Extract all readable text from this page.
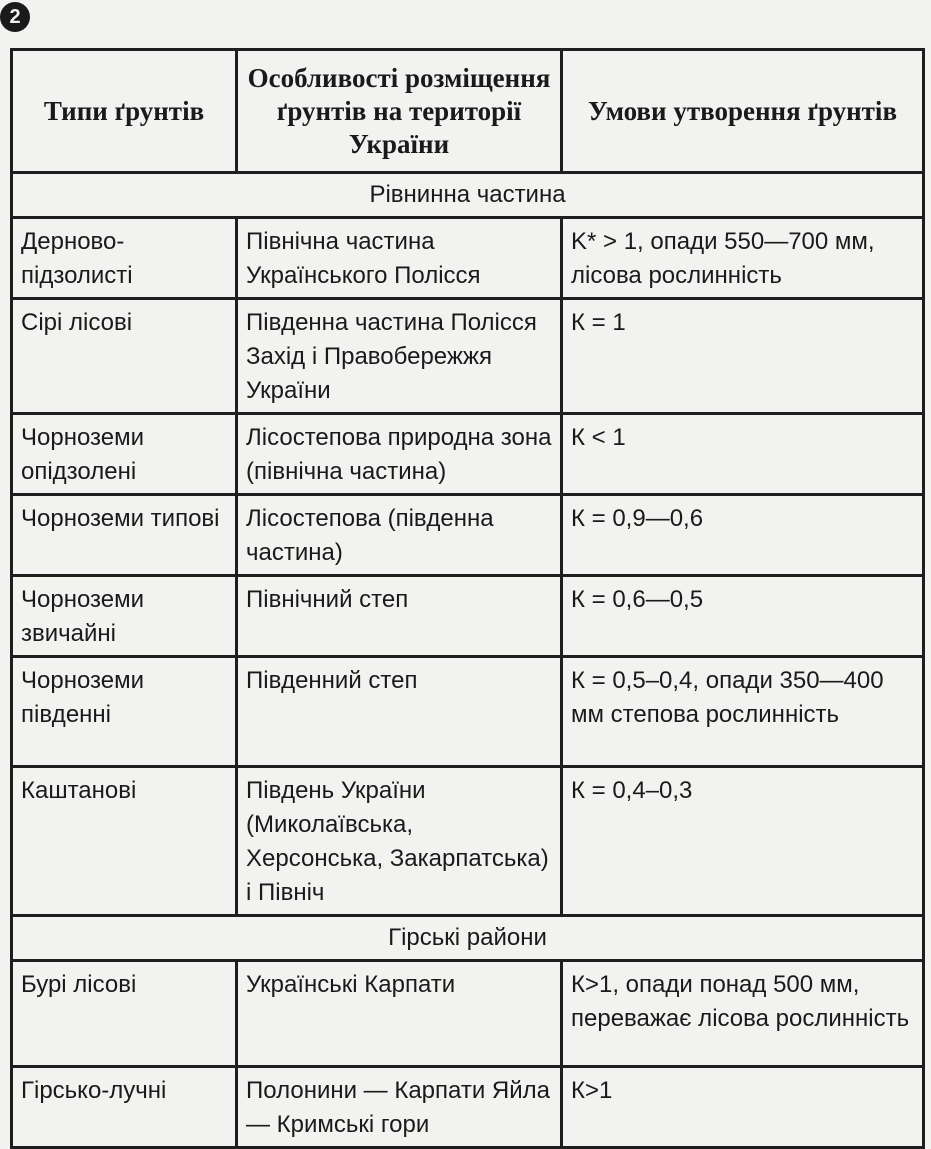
2
Типи ґрунтів	Особливості розміщення ґрунтів на території України	Умови утворення ґрунтів
Рівнинна частина		
Дерново-підзолисті	Північна частина Українського Полісся	K* > 1, опади 550—700 мм, лісова рослинність
Сірі лісові	Південна частина Полісся Захід і Правобережжя України	К = 1
Чорноземи опідзолені	Лісостепова природна зона (північна частина)	К < 1
Чорноземи типові	Лісостепова (південна частина)	К = 0,9—0,6
Чорноземи звичайні	Північний степ	К = 0,6—0,5
Чорноземи південні	Південний степ	К = 0,5–0,4, опади 350—400 мм степова рослинність
Каштанові	Південь України (Миколаївська, Херсонська, Закарпатська) і Північ	К = 0,4–0,3
Гірські райони		
Бурі лісові	Українські Карпати	К>1, опади понад 500 мм, переважає лісова рослинність
Гірсько-лучні	Полонини — Карпати Яйла — Кримські гори	К>1
